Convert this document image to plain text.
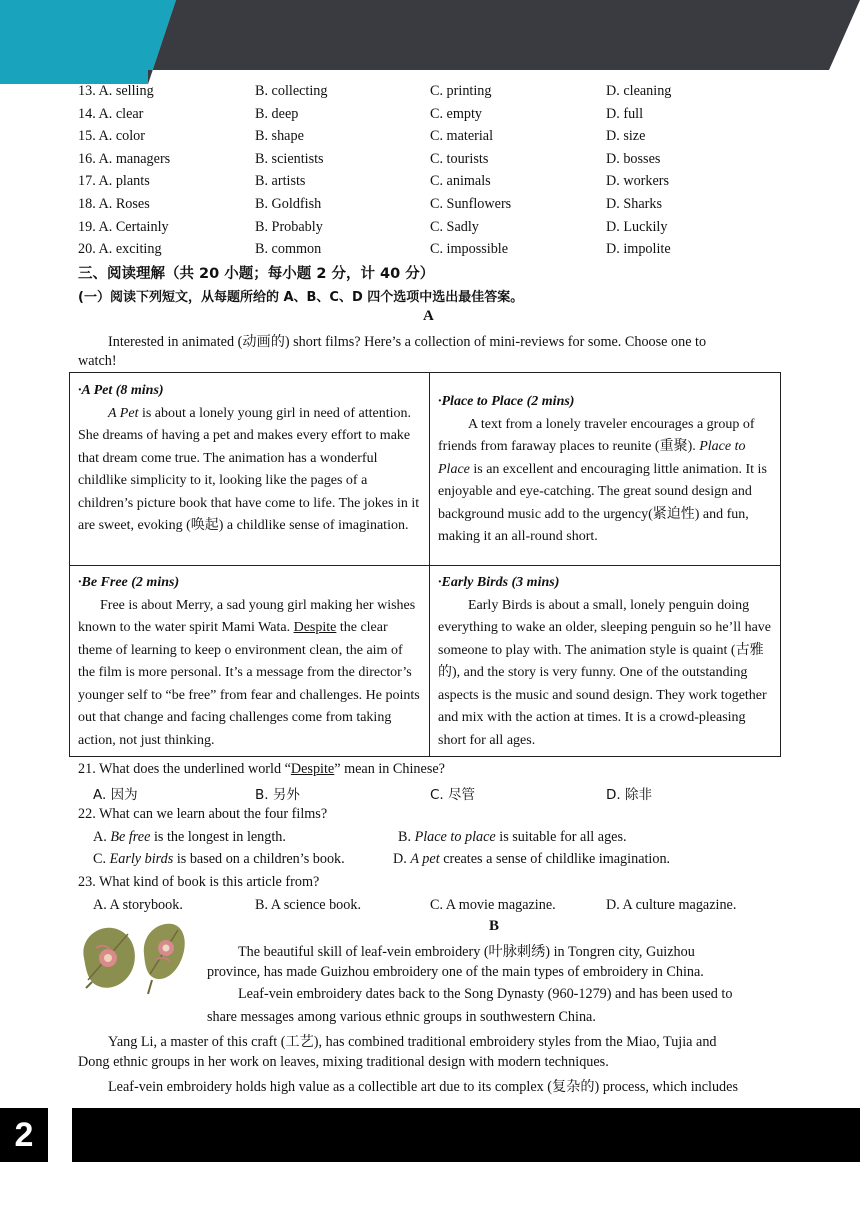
13. A. selling	B. collecting	C. printing	D. cleaning
14. A. clear	B. deep	C. empty	D. full
15. A. color	B. shape	C. material	D. size
16. A. managers	B. scientists	C. tourists	D. bosses
17. A. plants	B. artists	C. animals	D. workers
18. A. Roses	B. Goldfish	C. Sunflowers	D. Sharks
19. A. Certainly	B. Probably	C. Sadly	D. Luckily
20. A. exciting	B. common	C. impossible	D. impolite
三、阅读理解（共 20 小题；每小题 2 分，计 40 分）
(一）阅读下列短文，从每题所给的 A、B、C、D 四个选项中选出最佳答案。
A
Interested in animated (动画的) short films? Here’s a collection of mini-reviews for some. Choose one to
watch!
·A Pet (8 mins)

A Pet is about a lonely young girl in need of attention. She dreams of having a pet and makes every effort to make that dream come true. The animation has a wonderful childlike simplicity to it, looking like the pages of a children’s picture book that have come to life. The jokes in it are sweet, evoking (唤起) a childlike sense of imagination.

·Place to Place (2 mins)

A text from a lonely traveler encourages a group of friends from faraway places to reunite (重聚). Place to Place is an excellent and encouraging little animation. It is enjoyable and eye-catching. The great sound design and background music add to the urgency(紧迫性) and fun, making it an all-round short.

·Be Free (2 mins)

Free is about Merry, a sad young girl making her wishes known to the water spirit Mami Wata. Despite the clear theme of learning to keep o environment clean, the aim of the film is more personal. It’s a message from the director’s younger self to “be free” from fear and challenges. He points out that change and facing challenges come from taking action, not just thinking.

·Early Birds (3 mins)

Early Birds is about a small, lonely penguin doing everything to wake an older, sleeping penguin so he’ll have someone to play with. The animation style is quaint (古雅的), and the story is very funny. One of the outstanding aspects is the music and sound design. They work together and mix with the action at times. It is a crowd-pleasing short for all ages.

21. What does the underlined world “Despite” mean in Chinese?
A. 因为	B. 另外	C. 尽管	D. 除非
22. What can we learn about the four films?
A. Be free is the longest in length.	B. Place to place is suitable for all ages.
C. Early birds is based on a children’s book.	D. A pet creates a sense of childlike imagination.
23. What kind of book is this article from?
A. A storybook.	B. A science book.	C. A movie magazine.	D. A culture magazine.
B
The beautiful skill of leaf-vein embroidery (叶脉刺绣) in Tongren city, Guizhou
province, has made Guizhou embroidery one of the main types of embroidery in China.
Leaf-vein embroidery dates back to the Song Dynasty (960-1279) and has been used to
share messages among various ethnic groups in southwestern China.
Yang Li, a master of this craft (工艺), has combined traditional embroidery styles from the Miao, Tujia and
Dong ethnic groups in her work on leaves, mixing traditional design with modern techniques.
Leaf-vein embroidery holds high value as a collectible art due to its complex (复杂的) process, which includes
2
